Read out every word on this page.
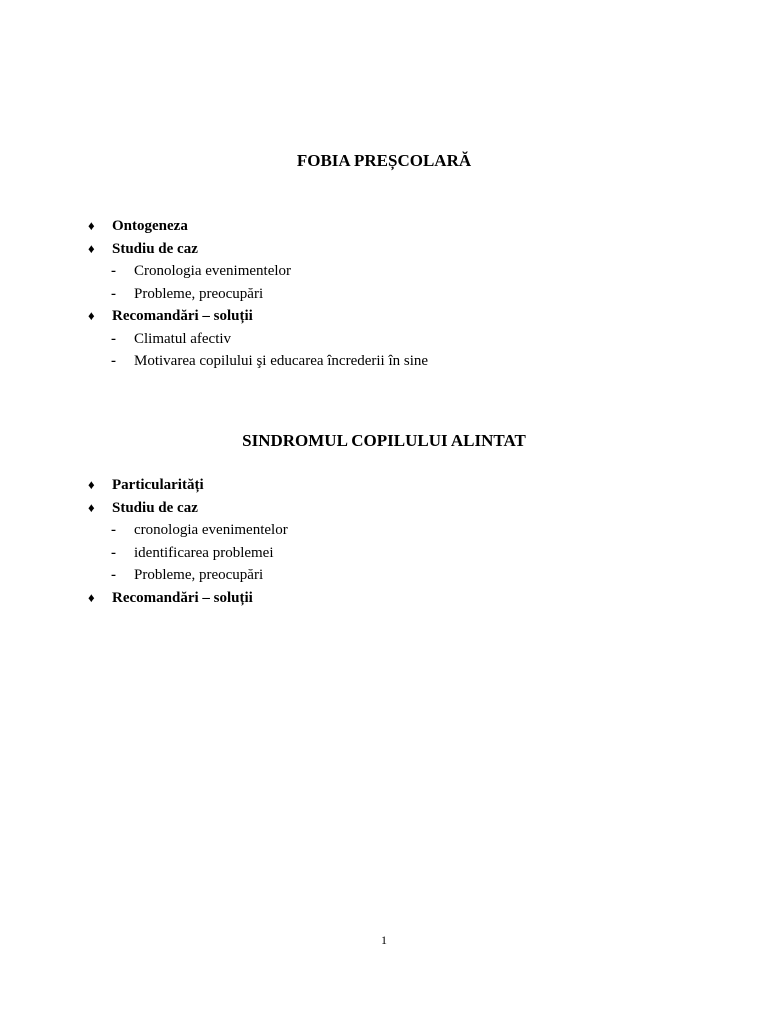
FOBIA PREȘCOLARĂ
♦	Ontogeneza
♦	Studiu de caz
-	Cronologia evenimentelor
-	Probleme, preocupări
♦	Recomandări – soluții
-	Climatul afectiv
-	Motivarea copilului şi educarea încrederii în sine
SINDROMUL COPILULUI ALINTAT
♦	Particularități
♦	Studiu de caz
-	cronologia evenimentelor
-	identificarea problemei
-	Probleme, preocupări
♦	Recomandări – soluții
1
